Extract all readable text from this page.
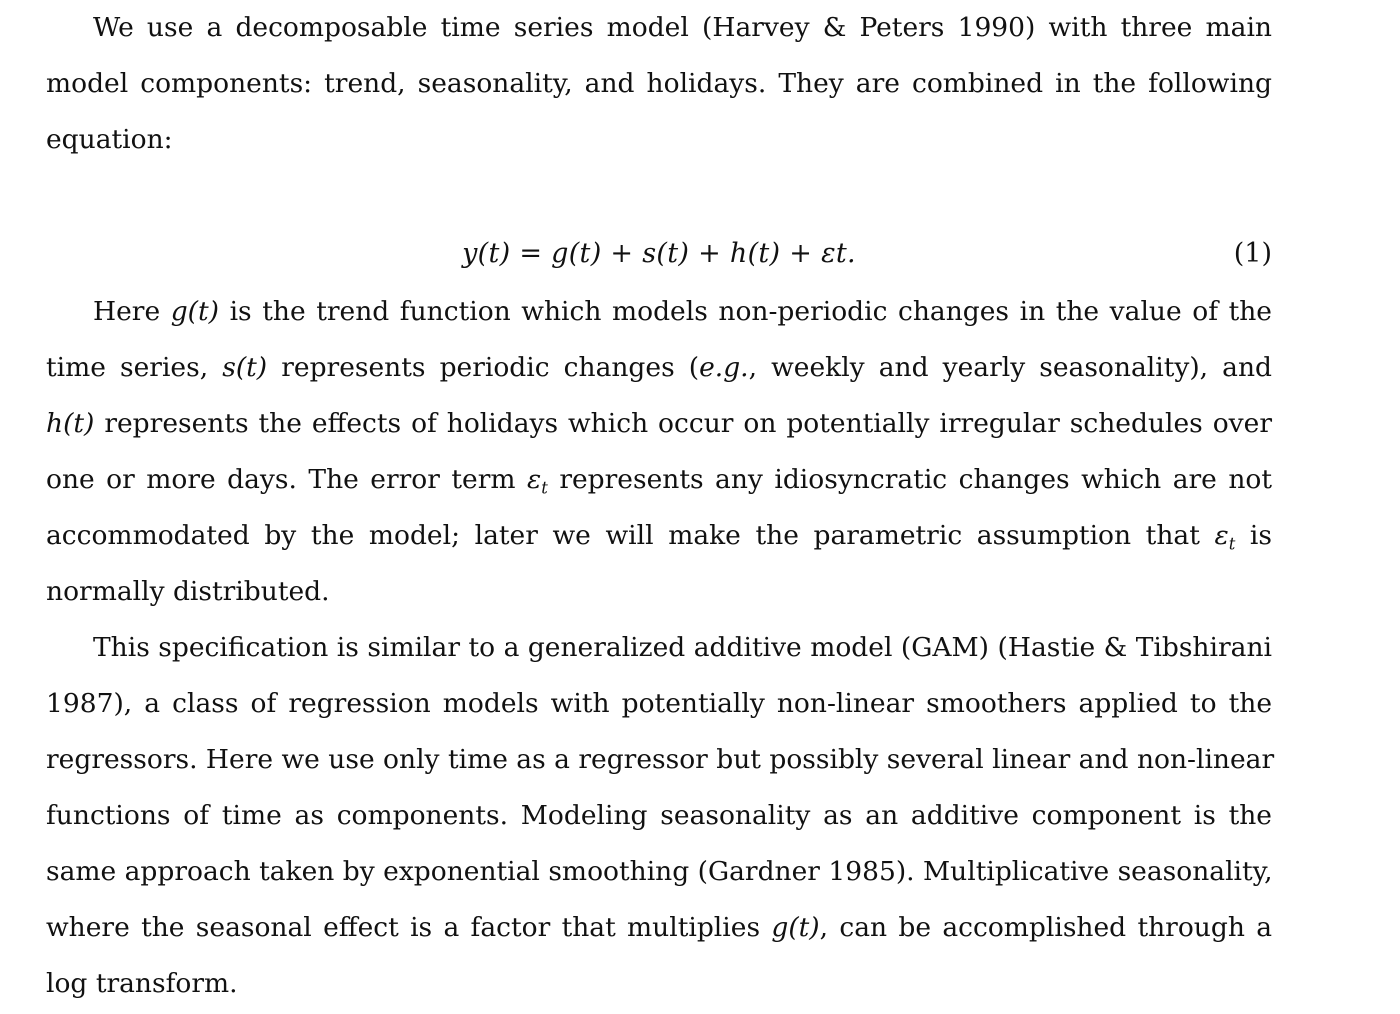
We use a decomposable time series model (Harvey & Peters 1990) with three main
model components: trend, seasonality, and holidays. They are combined in the following
equation:
y(t) = g(t) + s(t) + h(t) + εt.	(1)
Here g(t) is the trend function which models non-periodic changes in the value of the
time series, s(t) represents periodic changes (e.g., weekly and yearly seasonality), and
h(t) represents the effects of holidays which occur on potentially irregular schedules over
one or more days. The error term $\varepsilon_t$ represents any idiosyncratic changes which are not
accommodated by the model; later we will make the parametric assumption that $\varepsilon_t$ is
normally distributed.
This specification is similar to a generalized additive model (GAM) (Hastie & Tibshirani
1987), a class of regression models with potentially non-linear smoothers applied to the
regressors. Here we use only time as a regressor but possibly several linear and non-linear
functions of time as components. Modeling seasonality as an additive component is the
same approach taken by exponential smoothing (Gardner 1985). Multiplicative seasonality,
where the seasonal effect is a factor that multiplies g(t), can be accomplished through a
log transform.
